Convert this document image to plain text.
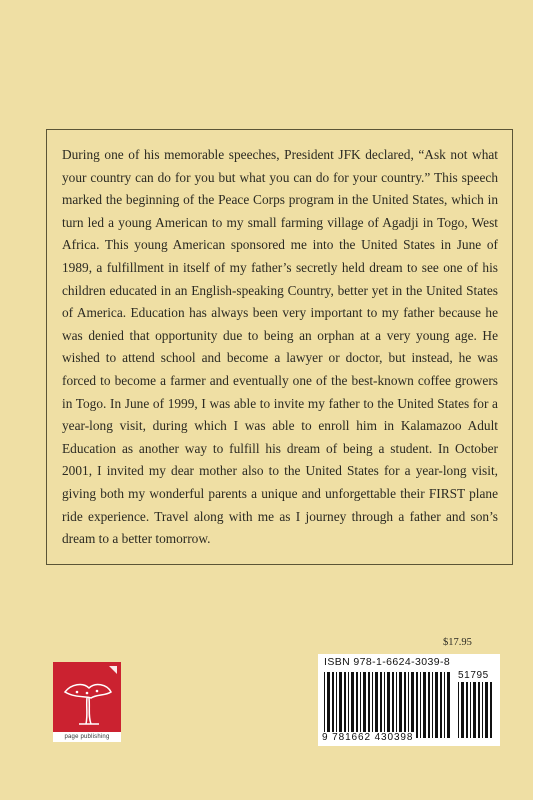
During one of his memorable speeches, President JFK declared, “Ask not what your country can do for you but what you can do for your country.” This speech marked the beginning of the Peace Corps program in the United States, which in turn led a young American to my small farming village of Agadji in Togo, West Africa. This young American sponsored me into the United States in June of 1989, a fulfillment in itself of my father’s secretly held dream to see one of his children educated in an English-speaking Country, better yet in the United States of America. Education has always been very important to my father because he was denied that opportunity due to being an orphan at a very young age. He wished to attend school and become a lawyer or doctor, but instead, he was forced to become a farmer and eventually one of the best-known coffee growers in Togo. In June of 1999, I was able to invite my father to the United States for a year-long visit, during which I was able to enroll him in Kalamazoo Adult Education as another way to fulfill his dream of being a student. In October 2001, I invited my dear mother also to the United States for a year-long visit, giving both my wonderful parents a unique and unforgettable their FIRST plane ride experience. Travel along with me as I journey through a father and son’s dream to a better tomorrow.

$17.95
page publishing
ISBN 978-1-6624-3039-8
51795
9 781662 430398
